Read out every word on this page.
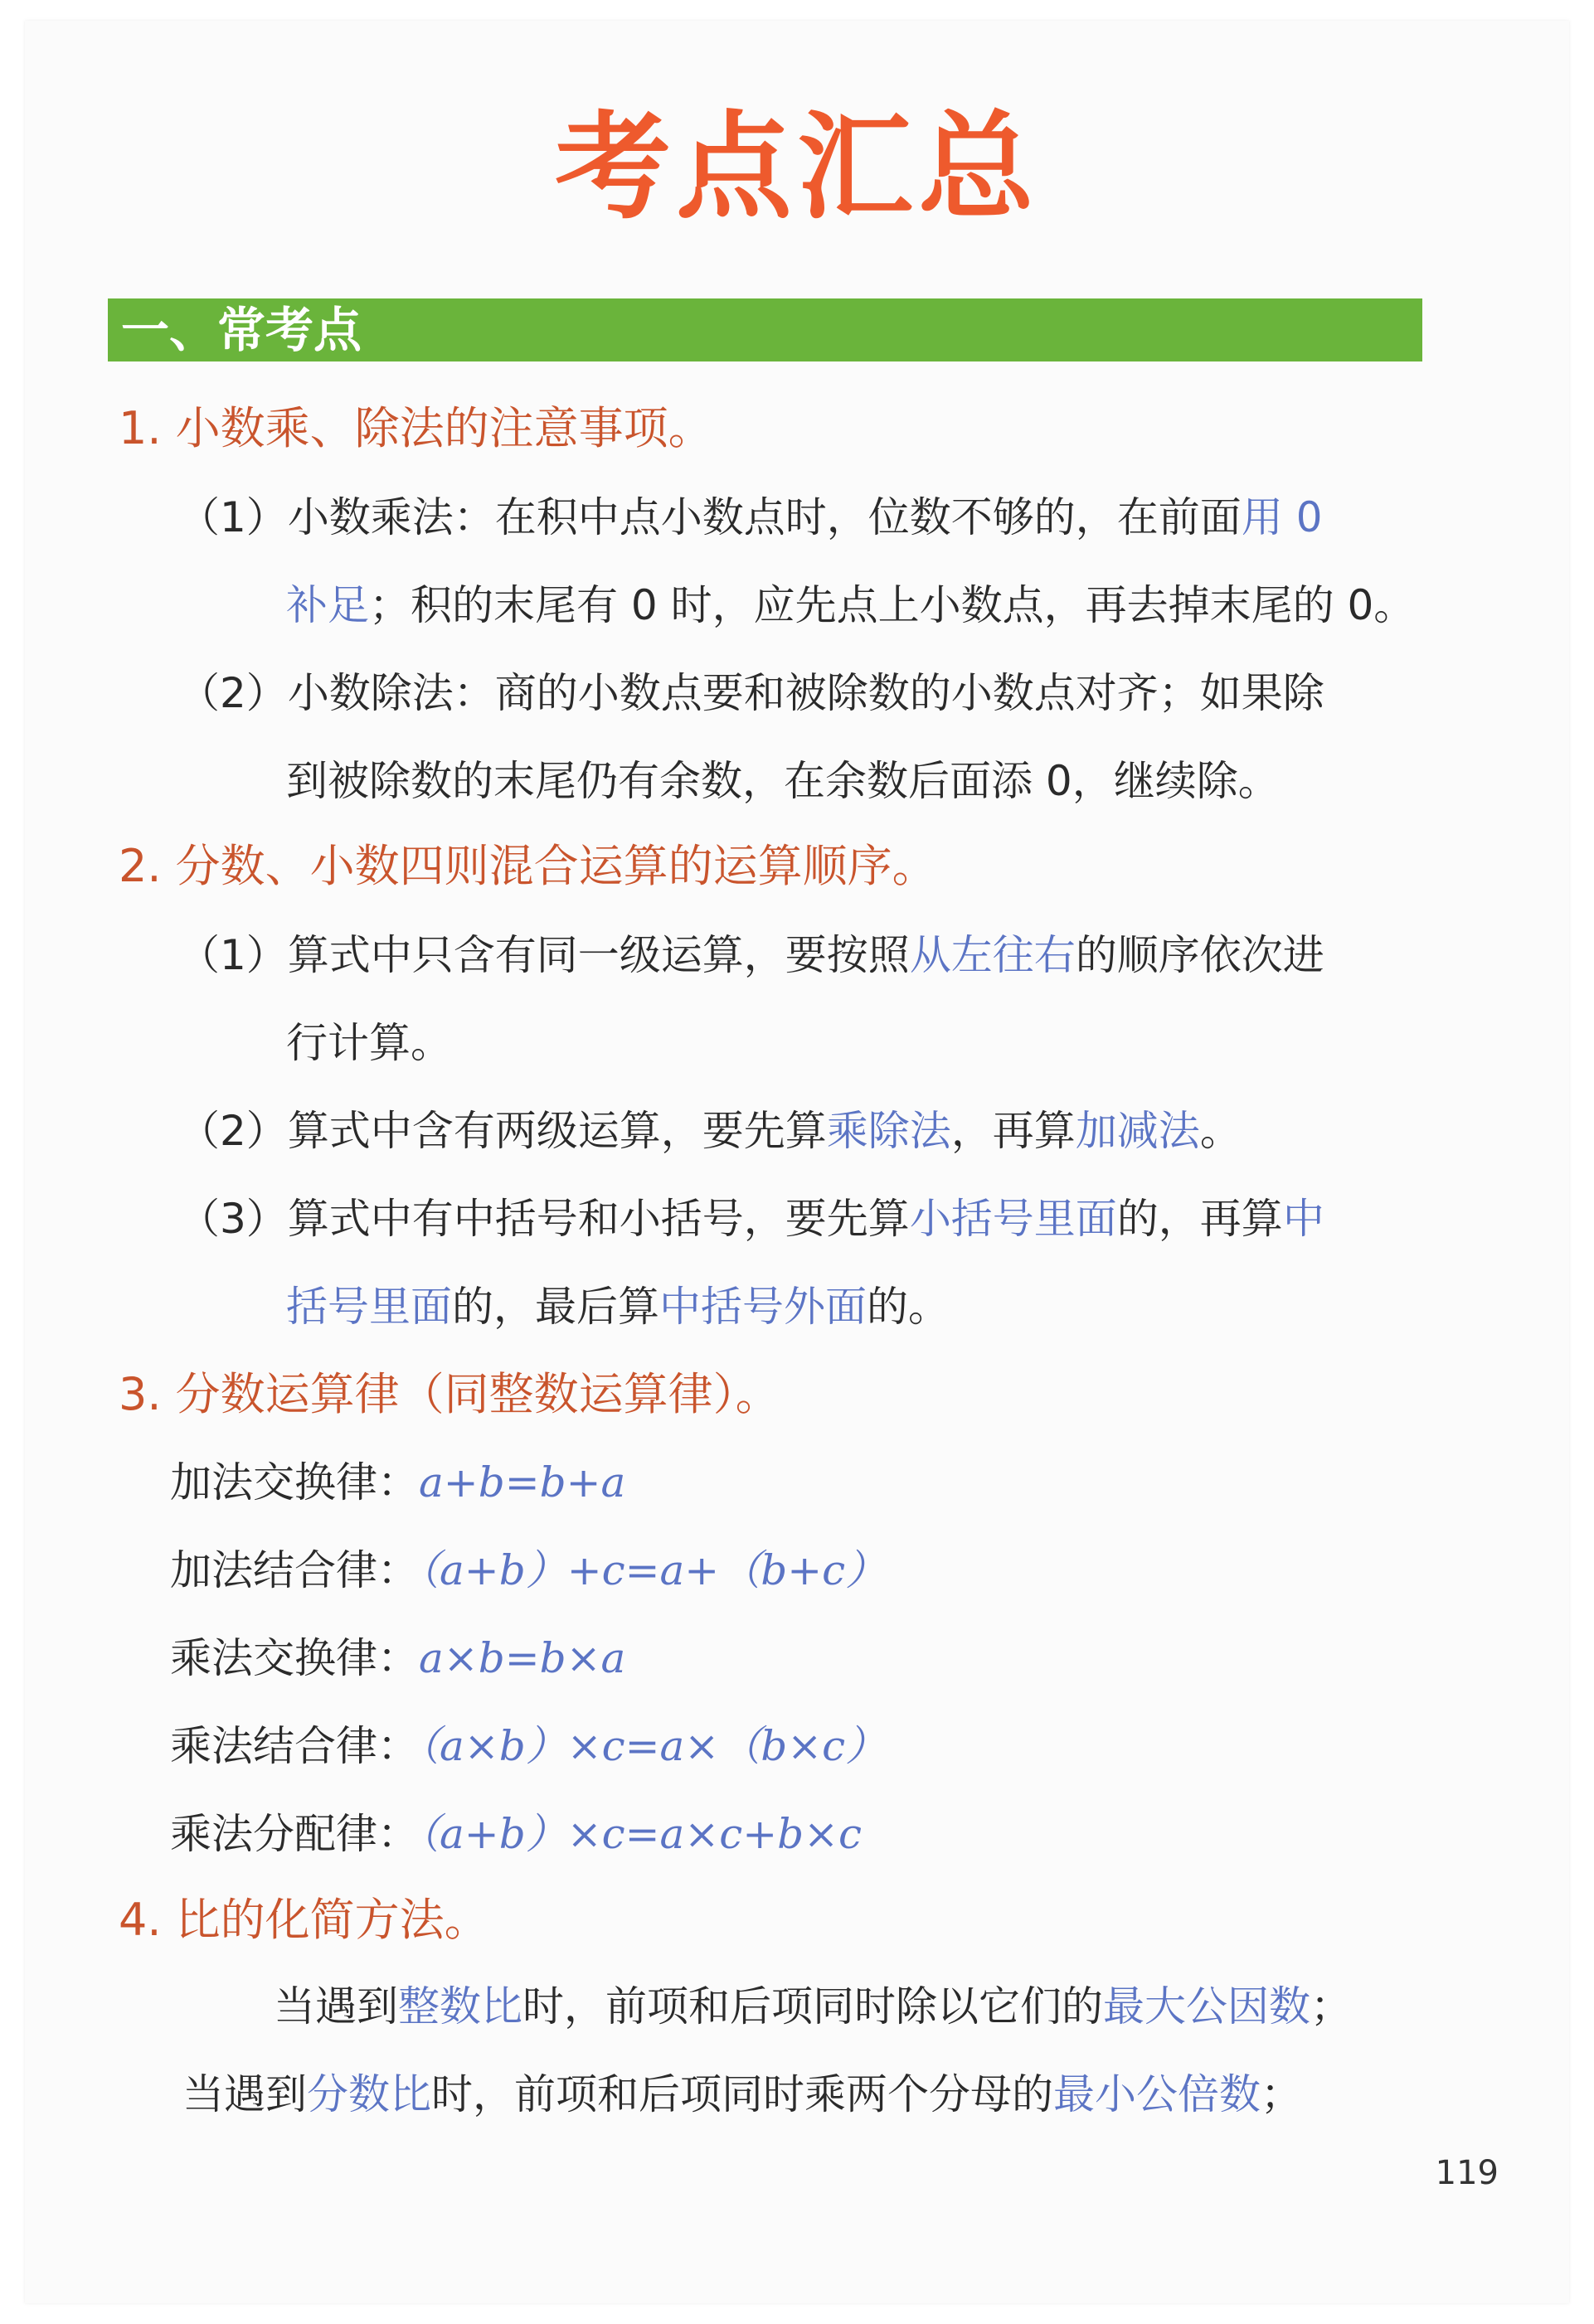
考点汇总
一、常考点
1. 小数乘、除法的注意事项。
（1）小数乘法：在积中点小数点时，位数不够的，在前面用 0
补足；积的末尾有 0 时，应先点上小数点，再去掉末尾的 0。
（2）小数除法：商的小数点要和被除数的小数点对齐；如果除
到被除数的末尾仍有余数，在余数后面添 0，继续除。
2. 分数、小数四则混合运算的运算顺序。
（1）算式中只含有同一级运算，要按照从左往右的顺序依次进
行计算。
（2）算式中含有两级运算，要先算乘除法，再算加减法。
（3）算式中有中括号和小括号，要先算小括号里面的，再算中
括号里面的，最后算中括号外面的。
3. 分数运算律（同整数运算律）。
加法交换律：a+b=b+a
加法结合律：（a+b）+c=a+（b+c）
乘法交换律：a×b=b×a
乘法结合律：（a×b）×c=a×（b×c）
乘法分配律：（a+b）×c=a×c+b×c
4. 比的化简方法。
当遇到整数比时，前项和后项同时除以它们的最大公因数；
当遇到分数比时，前项和后项同时乘两个分母的最小公倍数；
119
